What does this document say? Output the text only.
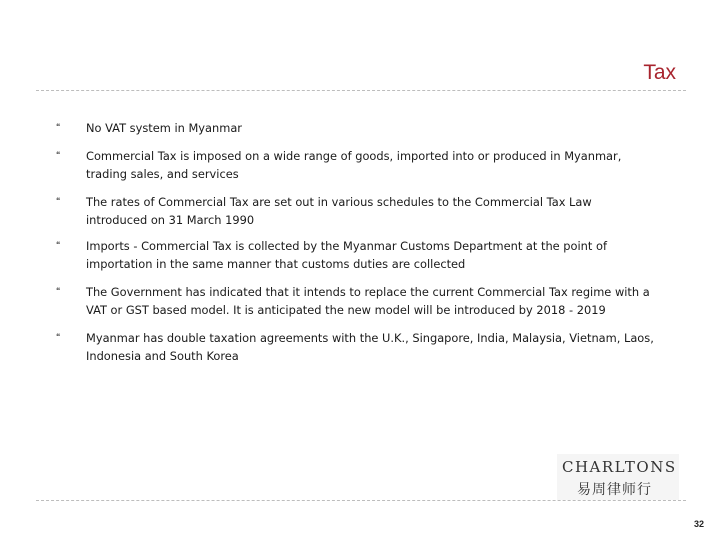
Tax
❝ No VAT system in Myanmar
❝ Commercial Tax is imposed on a wide range of goods, imported into or produced in Myanmar, trading sales, and services
❝ The rates of Commercial Tax are set out in various schedules to the Commercial Tax Law introduced on 31 March 1990
❝ Imports - Commercial Tax is collected by the Myanmar Customs Department at the point of importation in the same manner that customs duties are collected
❝ The Government has indicated that it intends to replace the current Commercial Tax regime with a VAT or GST based model. It is anticipated the new model will be introduced by 2018 - 2019
❝ Myanmar has double taxation agreements with the U.K., Singapore, India, Malaysia, Vietnam, Laos, Indonesia and South Korea
CHARLTONS
易周律师行
32
